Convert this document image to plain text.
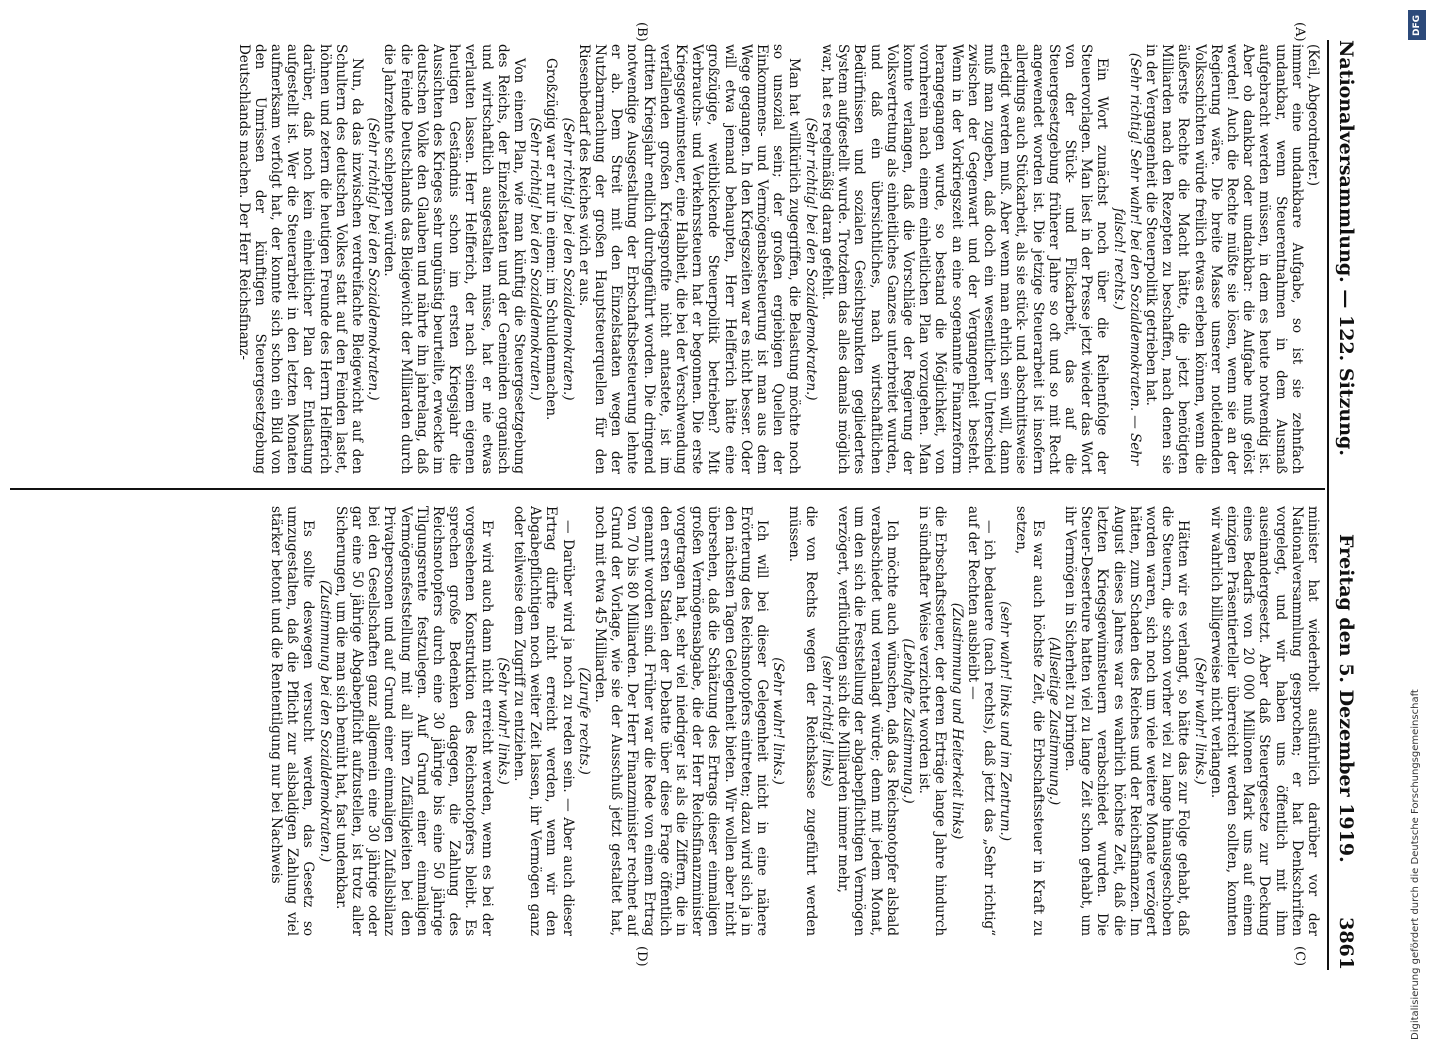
Nationalversammlung. — 122. Sitzung.
Freitag den 5. Dezember 1919.
3861
(A)
(B)
(C)
(D)

(Keil, Abgeordneter.)

immer eine undankbare Aufgabe, so ist sie zehnfach undankbar, wenn Steuerentnahmen in dem Ausmaß aufgebracht werden müssen, in dem es heute notwendig ist. Aber ob dankbar oder undankbar: die Aufgabe muß gelöst werden! Auch die Rechte müßte sie lösen, wenn sie an der Regierung wäre. Die breite Masse unserer notleidenden Volksschichten würde freilich etwas erleben können, wenn die äußerste Rechte die Macht hätte, die jetzt benötigten Milliarden nach den Rezepten zu beschaffen, nach denen sie in der Vergangenheit die Steuerpolitik getrieben hat.

(Sehr richtig! Sehr wahr! bei den Sozialdemokraten. — Sehr falsch! rechts.)

Ein Wort zunächst noch über die Reihenfolge der Steuervorlagen. Man liest in der Presse jetzt wieder das Wort von der Stück- und Flickarbeit, das auf die Steuergesetzgebung früherer Jahre so oft und so mit Recht angewendet worden ist. Die jetzige Steuerarbeit ist insofern allerdings auch Stückarbeit, als sie stück- und abschnittsweise erledigt werden muß. Aber wenn man ehrlich sein will, dann muß man zugeben, daß doch ein wesentlicher Unterschied zwischen der Gegenwart und der Vergangenheit besteht. Wenn in der Vorkriegszeit an eine sogenannte Finanzreform herangegangen wurde, so bestand die Möglichkeit, von vornherein nach einem einheitlichen Plan vorzugehen. Man konnte verlangen, daß die Vorschläge der Regierung der Volksvertretung als einheitliches Ganzes unterbreitet wurden, und daß ein übersichtliches, nach wirtschaftlichen Bedürfnissen und sozialen Gesichtspunkten gegliedertes System aufgestellt wurde. Trotzdem das alles damals möglich war, hat es regelmäßig daran gefehlt.

(Sehr richtig! bei den Sozialdemokraten.)

Man hat willkürlich zugegriffen, die Belastung möchte noch so unsozial sein; der großen ergiebigen Quellen der Einkommens- und Vermögensbesteuerung ist man aus dem Wege gegangen. In den Kriegszeiten war es nicht besser. Oder will etwa jemand behaupten, Herr Helfferich hätte eine großzügige, weitblickende Steuerpolitik betrieben? Mit Verbrauchs- und Verkehrssteuern hat er begonnen. Die erste Kriegsgewinnsteuer, eine Halbheit, die bei der Verschwendung verfallenden großen Kriegsprofite nicht antastete, ist im dritten Kriegsjahr endlich durchgeführt worden. Die dringend notwendige Ausgestaltung der Erbschaftsbesteuerung lehnte er ab. Dem Streit mit den Einzelstaaten wegen der Nutzbarmachung der großen Hauptsteuerquellen für den Riesenbedarf des Reiches wich er aus.

(Sehr richtig! bei den Sozialdemokraten.)

Großzügig war er nur in einem: im Schuldenmachen.

(Sehr richtig! bei den Sozialdemokraten.)

Von einem Plan, wie man künftig die Steuergesetzgebung des Reichs, der Einzelstaaten und der Gemeinden organisch und wirtschaftlich ausgestalten müsse, hat er nie etwas verlauten lassen. Herr Helfferich, der nach seinem eigenen heutigen Geständnis schon im ersten Kriegsjahr die Aussichten des Krieges sehr ungünstig beurteilte, erweckte im deutschen Volke den Glauben und nährte ihn jahrelang, daß die Feinde Deutschlands das Bleigewicht der Milliarden durch die Jahrzehnte schleppen würden.

(Sehr richtig! bei den Sozialdemokraten.)

Nun, da das inzwischen verdreifachte Bleigewicht auf den Schultern des deutschen Volkes statt auf den Feinden lastet, höhnen und zetern die heutigen Freunde des Herrn Helfferich darüber, daß noch kein einheitlicher Plan der Entlastung aufgestellt ist. Wer die Steuerarbeit in den letzten Monaten aufmerksam verfolgt hat, der konnte sich schon ein Bild von den Umrissen der künftigen Steuergesetzgebung Deutschlands machen. Der Herr Reichsfinanz-

minister hat wiederholt ausführlich darüber vor der Nationalversammlung gesprochen; er hat Denkschriften vorgelegt, und wir haben uns öffentlich mit ihm auseinandergesetzt. Aber daß Steuergesetze zur Deckung eines Bedarfs von 20 000 Millionen Mark uns auf einem einzigen Präsentierteller überreicht werden sollten, konnten wir wahrlich billigerweise nicht verlangen.

(Sehr wahr! links.)

Hätten wir es verlangt, so hätte das zur Folge gehabt, daß die Steuern, die schon vorher viel zu lange hinausgeschoben worden waren, sich noch um viele weitere Monate verzögert hätten, zum Schaden des Reiches und der Reichsfinanzen. Im August dieses Jahres war es wahrlich höchste Zeit, daß die letzten Kriegsgewinnsteuern verabschiedet wurden. Die Steuer-Deserteure hatten viel zu lange Zeit schon gehabt, um ihr Vermögen in Sicherheit zu bringen.

(Allseitige Zustimmung.)

Es war auch höchste Zeit, die Erbschaftssteuer in Kraft zu setzen,

(sehr wahr! links und im Zentrum.)

— ich bedauere (nach rechts), daß jetzt das „Sehr richtig“ auf der Rechten ausbleibt —

(Zustimmung und Heiterkeit links)

die Erbschaftssteuer, der deren Erträge lange Jahre hindurch in sündhafter Weise verzichtet worden ist.

(Lebhafte Zustimmung.)

Ich möchte auch wünschen, daß das Reichsnotopfer alsbald verabschiedet und veranlagt würde; denn mit jedem Monat, um den sich die Feststellung der abgabepflichtigen Vermögen verzögert, verflüchtigen sich die Milliarden immer mehr,

(sehr richtig! links)

die von Rechts wegen der Reichskasse zugeführt werden müssen.

(Sehr wahr! links.)

Ich will bei dieser Gelegenheit nicht in eine nähere Erörterung des Reichsnotopfers eintreten; dazu wird sich ja in den nächsten Tagen Gelegenheit bieten. Wir wollen aber nicht übersehen, daß die Schätzung des Ertrags dieser einmaligen großen Vermögensabgabe, die der Herr Reichsfinanzminister vorgetragen hat, sehr viel niedriger ist als die Ziffern, die in den ersten Stadien der Debatte über diese Frage öffentlich genannt worden sind. Früher war die Rede von einem Ertrag von 70 bis 80 Milliarden. Der Herr Finanzminister rechnet auf Grund der Vorlage, wie sie der Ausschuß jetzt gestaltet hat, noch mit etwa 45 Milliarden.

(Zurufe rechts.)

— Darüber wird ja noch zu reden sein. — Aber auch dieser Ertrag dürfte nicht erreicht werden, wenn wir den Abgabepflichtigen noch weiter Zeit lassen, ihr Vermögen ganz oder teilweise dem Zugriff zu entziehen.

(Sehr wahr! links.)

Er wird auch dann nicht erreicht werden, wenn es bei der vorgesehenen Konstruktion des Reichsnotopfers bleibt. Es sprechen große Bedenken dagegen, die Zahlung des Reichsnotopfers durch eine 30 jährige bis eine 50 jährige Tilgungsrente festzulegen. Auf Grund einer einmaligen Vermögensfeststellung mit all ihren Zufälligkeiten bei den Privatpersonen und auf Grund einer einmaligen Zufallsbilanz bei den Gesellschaften ganz allgemein eine 30 jährige oder gar eine 50 jährige Abgabepflicht aufzustellen, ist trotz aller Sicherungen, um die man sich bemüht hat, fast undenkbar.

(Zustimmung bei den Sozialdemokraten.)

Es sollte deswegen versucht werden, das Gesetz so umzugestalten, daß die Pflicht zur alsbaldigen Zahlung viel stärker betont und die Rententilgung nur bei Nachweis

DFG
Digitalisierung gefördert durch die Deutsche Forschungsgemeinschaft
